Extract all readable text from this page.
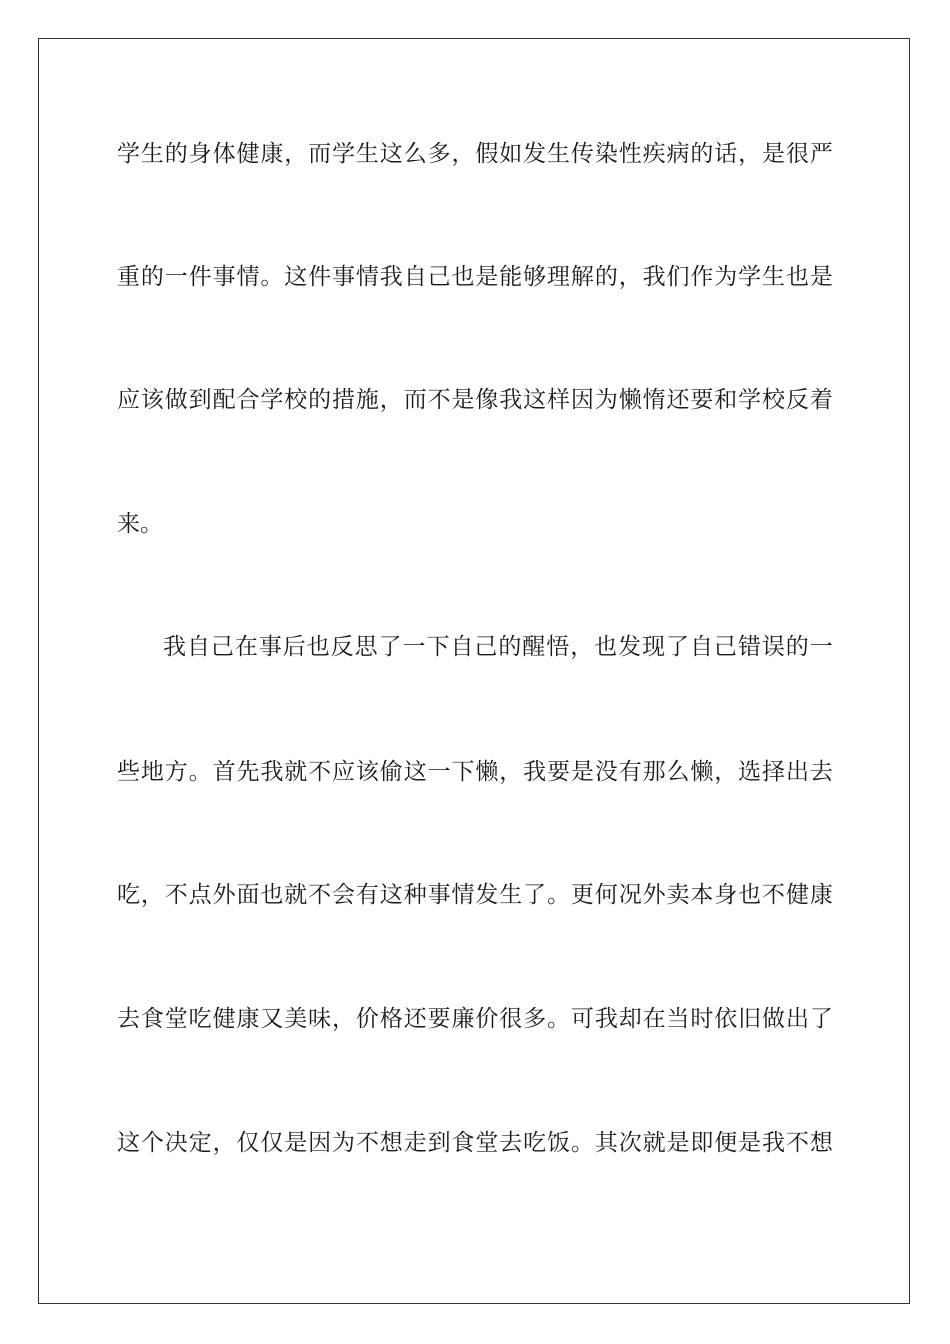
学 生 的 身 体 健 康 ， 而 学 生 这 么 多 ， 假 如 发 生 传 染 性 疾 病 的 话 ， 是 很 严
重 的 一 件 事 情 。 这 件 事 情 我 自 己 也 是 能 够 理 解 的 ， 我 们 作 为 学 生 也 是
应 该 做 到 配 合 学 校 的 措 施 ， 而 不 是 像 我 这 样 因 为 懒 惰 还 要 和 学 校 反 着
来。
我 自 己 在 事 后 也 反 思 了 一 下 自 己 的 醒 悟 ， 也 发 现 了 自 己 错 误 的 一
些 地 方 。 首 先 我 就 不 应 该 偷 这 一 下 懒 ， 我 要 是 没 有 那 么 懒 ， 选 择 出 去
吃 ， 不 点 外 面 也 就 不 会 有 这 种 事 情 发 生 了 。 更 何 况 外 卖 本 身 也 不 健 康
去 食 堂 吃 健 康 又 美 味 ， 价 格 还 要 廉 价 很 多 。 可 我 却 在 当 时 依 旧 做 出 了
这 个 决 定 ， 仅 仅 是 因 为 不 想 走 到 食 堂 去 吃 饭 。 其 次 就 是 即 便 是 我 不 想
